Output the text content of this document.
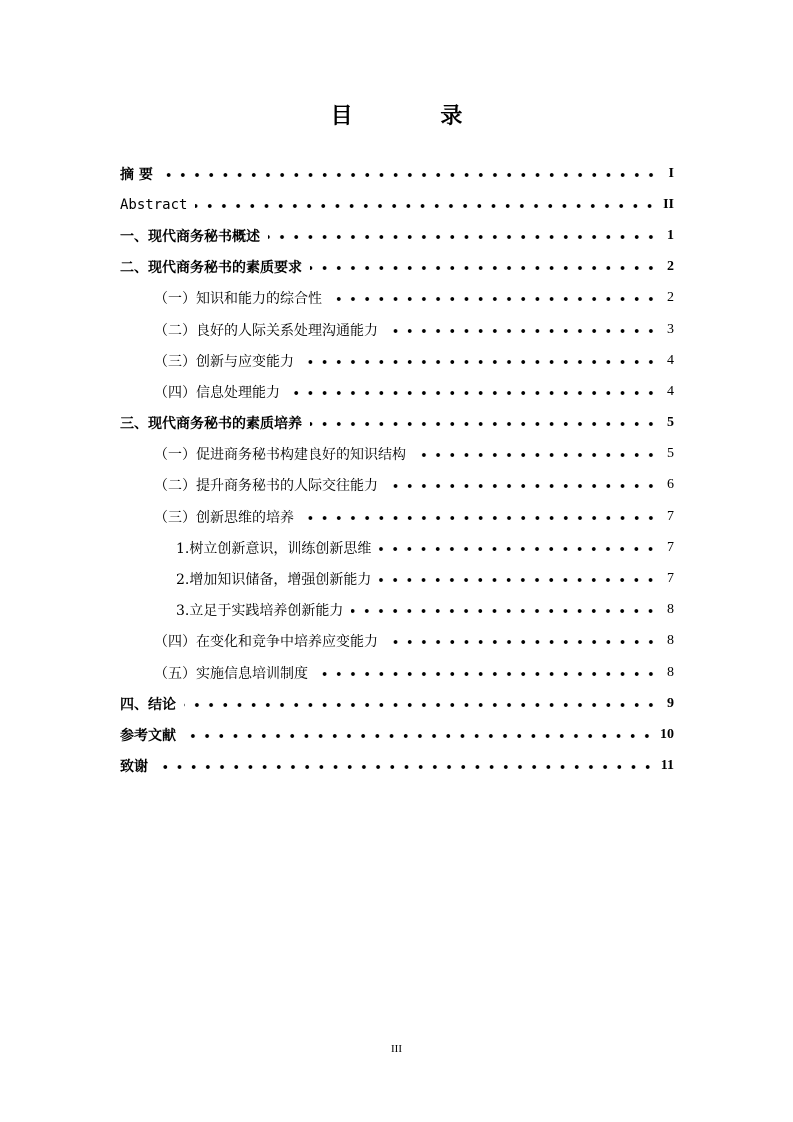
目 录
摘 要	I
Abstract	II
一、现代商务秘书概述	1
二、现代商务秘书的素质要求	2
（一）知识和能力的综合性	2
（二）良好的人际关系处理沟通能力	3
（三）创新与应变能力	4
（四）信息处理能力	4
三、现代商务秘书的素质培养	5
（一）促进商务秘书构建良好的知识结构	5
（二）提升商务秘书的人际交往能力	6
（三）创新思维的培养	7
1.树立创新意识，训练创新思维	7
2.增加知识储备，增强创新能力	7
3.立足于实践培养创新能力	8
（四）在变化和竞争中培养应变能力	8
（五）实施信息培训制度	8
四、结论	9
参考文献	10
致谢	11
III
